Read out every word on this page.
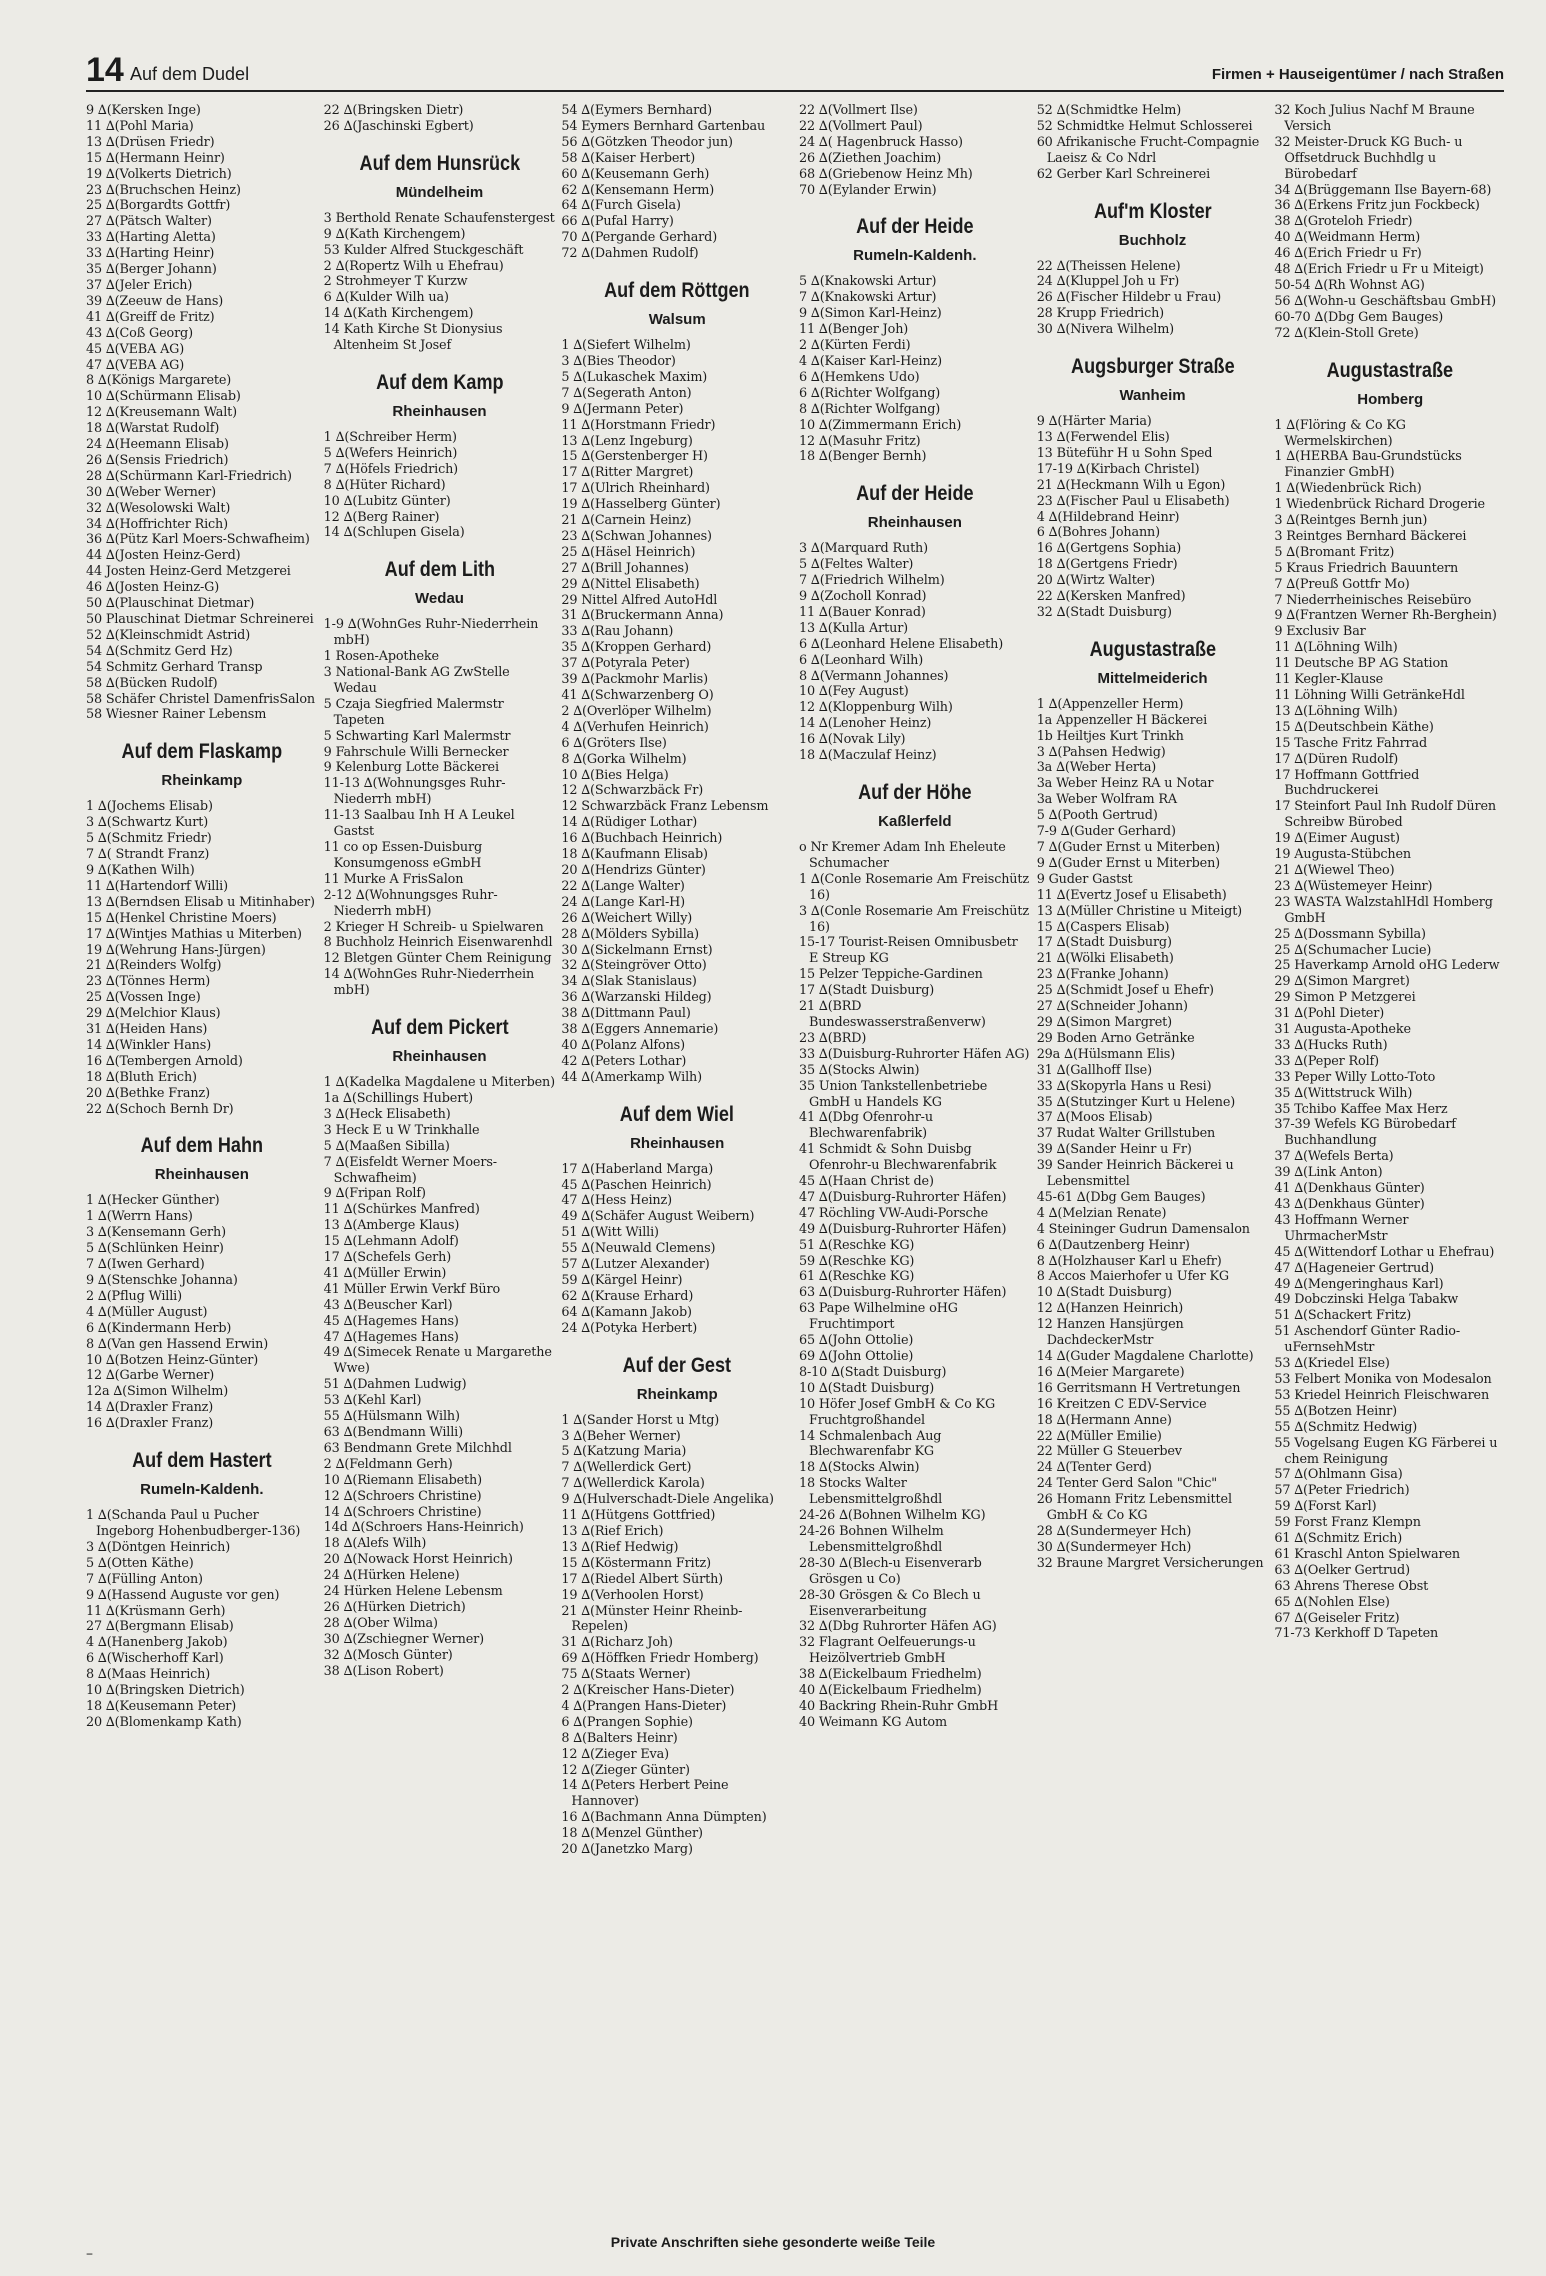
14 Auf dem Dudel	Firmen + Hauseigentümer / nach Straßen
9 ∆(Kersken Inge)
11 ∆(Pohl Maria)
13 ∆(Drüsen Friedr)
15 ∆(Hermann Heinr)
19 ∆(Volkerts Dietrich)
23 ∆(Bruchschen Heinz)
25 ∆(Borgardts Gottfr)
27 ∆(Pätsch Walter)
33 ∆(Harting Aletta)
33 ∆(Harting Heinr)
35 ∆(Berger Johann)
37 ∆(Jeler Erich)
39 ∆(Zeeuw de Hans)
41 ∆(Greiff de Fritz)
43 ∆(Coß Georg)
45 ∆(VEBA AG)
47 ∆(VEBA AG)
8 ∆(Königs Margarete)
10 ∆(Schürmann Elisab)
12 ∆(Kreusemann Walt)
18 ∆(Warstat Rudolf)
24 ∆(Heemann Elisab)
26 ∆(Sensis Friedrich)
28 ∆(Schürmann Karl-Friedrich)
30 ∆(Weber Werner)
32 ∆(Wesolowski Walt)
34 ∆(Hoffrichter Rich)
36 ∆(Pütz Karl Moers-Schwafheim)
44 ∆(Josten Heinz-Gerd)
44 Josten Heinz-Gerd Metzgerei
46 ∆(Josten Heinz-G)
50 ∆(Plauschinat Dietmar)
50 Plauschinat Dietmar Schreinerei
52 ∆(Kleinschmidt Astrid)
54 ∆(Schmitz Gerd Hz)
54 Schmitz Gerhard Transp
58 ∆(Bücken Rudolf)
58 Schäfer Christel DamenfrisSalon
58 Wiesner Rainer Lebensm
Auf dem Flaskamp
Rheinkamp
1 ∆(Jochems Elisab)
3 ∆(Schwartz Kurt)
5 ∆(Schmitz Friedr)
7 ∆( Strandt Franz)
9 ∆(Kathen Wilh)
11 ∆(Hartendorf Willi)
13 ∆(Berndsen Elisab u Mitinhaber)
15 ∆(Henkel Christine Moers)
17 ∆(Wintjes Mathias u Miterben)
19 ∆(Wehrung Hans-Jürgen)
21 ∆(Reinders Wolfg)
23 ∆(Tönnes Herm)
25 ∆(Vossen Inge)
29 ∆(Melchior Klaus)
31 ∆(Heiden Hans)
14 ∆(Winkler Hans)
16 ∆(Tembergen Arnold)
18 ∆(Bluth Erich)
20 ∆(Bethke Franz)
22 ∆(Schoch Bernh Dr)
Auf dem Hahn
Rheinhausen
1 ∆(Hecker Günther)
1 ∆(Werrn Hans)
3 ∆(Kensemann Gerh)
5 ∆(Schlünken Heinr)
7 ∆(Iwen Gerhard)
9 ∆(Stenschke Johanna)
2 ∆(Pflug Willi)
4 ∆(Müller August)
6 ∆(Kindermann Herb)
8 ∆(Van gen Hassend Erwin)
10 ∆(Botzen Heinz-Günter)
12 ∆(Garbe Werner)
12a ∆(Simon Wilhelm)
14 ∆(Draxler Franz)
16 ∆(Draxler Franz)
Auf dem Hastert
Rumeln-Kaldenh.
1 ∆(Schanda Paul u Pucher Ingeborg Hohenbudberger-136)
3 ∆(Döntgen Heinrich)
5 ∆(Otten Käthe)
7 ∆(Fülling Anton)
9 ∆(Hassend Auguste vor gen)
11 ∆(Krüsmann Gerh)
27 ∆(Bergmann Elisab)
4 ∆(Hanenberg Jakob)
6 ∆(Wischerhoff Karl)
8 ∆(Maas Heinrich)
10 ∆(Bringsken Dietrich)
18 ∆(Keusemann Peter)
20 ∆(Blomenkamp Kath)
22 ∆(Bringsken Dietr)
26 ∆(Jaschinski Egbert)
Auf dem Hunsrück
Mündelheim
3 Berthold Renate Schaufenstergest
9 ∆(Kath Kirchengem)
53 Kulder Alfred Stuckgeschäft
2 ∆(Ropertz Wilh u Ehefrau)
2 Strohmeyer T Kurzw
6 ∆(Kulder Wilh ua)
14 ∆(Kath Kirchengem)
14 Kath Kirche St Dionysius Altenheim St Josef
Auf dem Kamp
Rheinhausen
1 ∆(Schreiber Herm)
5 ∆(Wefers Heinrich)
7 ∆(Höfels Friedrich)
8 ∆(Hüter Richard)
10 ∆(Lubitz Günter)
12 ∆(Berg Rainer)
14 ∆(Schlupen Gisela)
Auf dem Lith
Wedau
1-9 ∆(WohnGes Ruhr-Niederrhein mbH)
1 Rosen-Apotheke
3 National-Bank AG ZwStelle Wedau
5 Czaja Siegfried Malermstr Tapeten
5 Schwarting Karl Malermstr
9 Fahrschule Willi Bernecker
9 Kelenburg Lotte Bäckerei
11-13 ∆(Wohnungsges Ruhr-Niederrh mbH)
11-13 Saalbau Inh H A Leukel Gastst
11 co op Essen-Duisburg Konsumgenoss eGmbH
11 Murke A FrisSalon
2-12 ∆(Wohnungsges Ruhr-Niederrh mbH)
2 Krieger H Schreib- u Spielwaren
8 Buchholz Heinrich Eisenwarenhdl
12 Bletgen Günter Chem Reinigung
14 ∆(WohnGes Ruhr-Niederrhein mbH)
Auf dem Pickert
Rheinhausen
1 ∆(Kadelka Magdalene u Miterben)
1a ∆(Schillings Hubert)
3 ∆(Heck Elisabeth)
3 Heck E u W Trinkhalle
5 ∆(Maaßen Sibilla)
7 ∆(Eisfeldt Werner Moers-Schwafheim)
9 ∆(Fripan Rolf)
11 ∆(Schürkes Manfred)
13 ∆(Amberge Klaus)
15 ∆(Lehmann Adolf)
17 ∆(Schefels Gerh)
41 ∆(Müller Erwin)
41 Müller Erwin Verkf Büro
43 ∆(Beuscher Karl)
45 ∆(Hagemes Hans)
47 ∆(Hagemes Hans)
49 ∆(Simecek Renate u Margarethe Wwe)
51 ∆(Dahmen Ludwig)
53 ∆(Kehl Karl)
55 ∆(Hülsmann Wilh)
63 ∆(Bendmann Willi)
63 Bendmann Grete Milchhdl
2 ∆(Feldmann Gerh)
10 ∆(Riemann Elisabeth)
12 ∆(Schroers Christine)
14 ∆(Schroers Christine)
14d ∆(Schroers Hans-Heinrich)
18 ∆(Alefs Wilh)
20 ∆(Nowack Horst Heinrich)
24 ∆(Hürken Helene)
24 Hürken Helene Lebensm
26 ∆(Hürken Dietrich)
28 ∆(Ober Wilma)
30 ∆(Zschiegner Werner)
32 ∆(Mosch Günter)
38 ∆(Lison Robert)
54 ∆(Eymers Bernhard)
54 Eymers Bernhard Gartenbau
56 ∆(Götzken Theodor jun)
58 ∆(Kaiser Herbert)
60 ∆(Keusemann Gerh)
62 ∆(Kensemann Herm)
64 ∆(Furch Gisela)
66 ∆(Pufal Harry)
70 ∆(Pergande Gerhard)
72 ∆(Dahmen Rudolf)
Auf dem Röttgen
Walsum
1 ∆(Siefert Wilhelm)
3 ∆(Bies Theodor)
5 ∆(Lukaschek Maxim)
7 ∆(Segerath Anton)
9 ∆(Jermann Peter)
11 ∆(Horstmann Friedr)
13 ∆(Lenz Ingeburg)
15 ∆(Gerstenberger H)
17 ∆(Ritter Margret)
17 ∆(Ulrich Rheinhard)
19 ∆(Hasselberg Günter)
21 ∆(Carnein Heinz)
23 ∆(Schwan Johannes)
25 ∆(Häsel Heinrich)
27 ∆(Brill Johannes)
29 ∆(Nittel Elisabeth)
29 Nittel Alfred AutoHdl
31 ∆(Bruckermann Anna)
33 ∆(Rau Johann)
35 ∆(Kroppen Gerhard)
37 ∆(Potyrala Peter)
39 ∆(Packmohr Marlis)
41 ∆(Schwarzenberg O)
2 ∆(Overlöper Wilhelm)
4 ∆(Verhufen Heinrich)
6 ∆(Gröters Ilse)
8 ∆(Gorka Wilhelm)
10 ∆(Bies Helga)
12 ∆(Schwarzbäck Fr)
12 Schwarzbäck Franz Lebensm
14 ∆(Rüdiger Lothar)
16 ∆(Buchbach Heinrich)
18 ∆(Kaufmann Elisab)
20 ∆(Hendrizs Günter)
22 ∆(Lange Walter)
24 ∆(Lange Karl-H)
26 ∆(Weichert Willy)
28 ∆(Mölders Sybilla)
30 ∆(Sickelmann Ernst)
32 ∆(Steingröver Otto)
34 ∆(Slak Stanislaus)
36 ∆(Warzanski Hildeg)
38 ∆(Dittmann Paul)
38 ∆(Eggers Annemarie)
40 ∆(Polanz Alfons)
42 ∆(Peters Lothar)
44 ∆(Amerkamp Wilh)
Auf dem Wiel
Rheinhausen
17 ∆(Haberland Marga)
45 ∆(Paschen Heinrich)
47 ∆(Hess Heinz)
49 ∆(Schäfer August Weibern)
51 ∆(Witt Willi)
55 ∆(Neuwald Clemens)
57 ∆(Lutzer Alexander)
59 ∆(Kärgel Heinr)
62 ∆(Krause Erhard)
64 ∆(Kamann Jakob)
24 ∆(Potyka Herbert)
Auf der Gest
Rheinkamp
1 ∆(Sander Horst u Mtg)
3 ∆(Beher Werner)
5 ∆(Katzung Maria)
7 ∆(Wellerdick Gert)
7 ∆(Wellerdick Karola)
9 ∆(Hulverschadt-Diele Angelika)
11 ∆(Hütgens Gottfried)
13 ∆(Rief Erich)
13 ∆(Rief Hedwig)
15 ∆(Köstermann Fritz)
17 ∆(Riedel Albert Sürth)
19 ∆(Verhoolen Horst)
21 ∆(Münster Heinr Rheinb-Repelen)
31 ∆(Richarz Joh)
69 ∆(Höffken Friedr Homberg)
75 ∆(Staats Werner)
2 ∆(Kreischer Hans-Dieter)
4 ∆(Prangen Hans-Dieter)
6 ∆(Prangen Sophie)
8 ∆(Balters Heinr)
12 ∆(Zieger Eva)
12 ∆(Zieger Günter)
14 ∆(Peters Herbert Peine Hannover)
16 ∆(Bachmann Anna Dümpten)
18 ∆(Menzel Günther)
20 ∆(Janetzko Marg)
22 ∆(Vollmert Ilse)
22 ∆(Vollmert Paul)
24 ∆( Hagenbruck Hasso)
26 ∆(Ziethen Joachim)
68 ∆(Griebenow Heinz Mh)
70 ∆(Eylander Erwin)
Auf der Heide
Rumeln-Kaldenh.
5 ∆(Knakowski Artur)
7 ∆(Knakowski Artur)
9 ∆(Simon Karl-Heinz)
11 ∆(Benger Joh)
2 ∆(Kürten Ferdi)
4 ∆(Kaiser Karl-Heinz)
6 ∆(Hemkens Udo)
6 ∆(Richter Wolfgang)
8 ∆(Richter Wolfgang)
10 ∆(Zimmermann Erich)
12 ∆(Masuhr Fritz)
18 ∆(Benger Bernh)
Auf der Heide
Rheinhausen
3 ∆(Marquard Ruth)
5 ∆(Feltes Walter)
7 ∆(Friedrich Wilhelm)
9 ∆(Zocholl Konrad)
11 ∆(Bauer Konrad)
13 ∆(Kulla Artur)
6 ∆(Leonhard Helene Elisabeth)
6 ∆(Leonhard Wilh)
8 ∆(Vermann Johannes)
10 ∆(Fey August)
12 ∆(Kloppenburg Wilh)
14 ∆(Lenoher Heinz)
16 ∆(Novak Lily)
18 ∆(Maczulaf Heinz)
Auf der Höhe
Kaßlerfeld
o Nr Kremer Adam Inh Eheleute Schumacher
1 ∆(Conle Rosemarie Am Freischütz 16)
3 ∆(Conle Rosemarie Am Freischütz 16)
15-17 Tourist-Reisen Omnibusbetr E Streup KG
15 Pelzer Teppiche-Gardinen
17 ∆(Stadt Duisburg)
21 ∆(BRD Bundeswasserstraßenverw)
23 ∆(BRD)
33 ∆(Duisburg-Ruhrorter Häfen AG)
35 ∆(Stocks Alwin)
35 Union Tankstellenbetriebe GmbH u Handels KG
41 ∆(Dbg Ofenrohr-u Blechwarenfabrik)
41 Schmidt & Sohn Duisbg Ofenrohr-u Blechwarenfabrik
45 ∆(Haan Christ de)
47 ∆(Duisburg-Ruhrorter Häfen)
47 Röchling VW-Audi-Porsche
49 ∆(Duisburg-Ruhrorter Häfen)
51 ∆(Reschke KG)
59 ∆(Reschke KG)
61 ∆(Reschke KG)
63 ∆(Duisburg-Ruhrorter Häfen)
63 Pape Wilhelmine oHG Fruchtimport
65 ∆(John Ottolie)
69 ∆(John Ottolie)
8-10 ∆(Stadt Duisburg)
10 ∆(Stadt Duisburg)
10 Höfer Josef GmbH & Co KG Fruchtgroßhandel
14 Schmalenbach Aug Blechwarenfabr KG
18 ∆(Stocks Alwin)
18 Stocks Walter Lebensmittelgroßhdl
24-26 ∆(Bohnen Wilhelm KG)
24-26 Bohnen Wilhelm Lebensmittelgroßhdl
28-30 ∆(Blech-u Eisenverarb Grösgen u Co)
28-30 Grösgen & Co Blech u Eisenverarbeitung
32 ∆(Dbg Ruhrorter Häfen AG)
32 Flagrant Oelfeuerungs-u Heizölvertrieb GmbH
38 ∆(Eickelbaum Friedhelm)
40 ∆(Eickelbaum Friedhelm)
40 Backring Rhein-Ruhr GmbH
40 Weimann KG Autom
52 ∆(Schmidtke Helm)
52 Schmidtke Helmut Schlosserei
60 Afrikanische Frucht-Compagnie Laeisz & Co Ndrl
62 Gerber Karl Schreinerei
Auf'm Kloster
Buchholz
22 ∆(Theissen Helene)
24 ∆(Kluppel Joh u Fr)
26 ∆(Fischer Hildebr u Frau)
28 Krupp Friedrich)
30 ∆(Nivera Wilhelm)
Augsburger Straße
Wanheim
9 ∆(Härter Maria)
13 ∆(Ferwendel Elis)
13 Büteführ H u Sohn Sped
17-19 ∆(Kirbach Christel)
21 ∆(Heckmann Wilh u Egon)
23 ∆(Fischer Paul u Elisabeth)
4 ∆(Hildebrand Heinr)
6 ∆(Bohres Johann)
16 ∆(Gertgens Sophia)
18 ∆(Gertgens Friedr)
20 ∆(Wirtz Walter)
22 ∆(Kersken Manfred)
32 ∆(Stadt Duisburg)
Augustastraße
Mittelmeiderich
1 ∆(Appenzeller Herm)
1a Appenzeller H Bäckerei
1b Heiltjes Kurt Trinkh
3 ∆(Pahsen Hedwig)
3a ∆(Weber Herta)
3a Weber Heinz RA u Notar
3a Weber Wolfram RA
5 ∆(Pooth Gertrud)
7-9 ∆(Guder Gerhard)
7 ∆(Guder Ernst u Miterben)
9 ∆(Guder Ernst u Miterben)
9 Guder Gastst
11 ∆(Evertz Josef u Elisabeth)
13 ∆(Müller Christine u Miteigt)
15 ∆(Caspers Elisab)
17 ∆(Stadt Duisburg)
21 ∆(Wölki Elisabeth)
23 ∆(Franke Johann)
25 ∆(Schmidt Josef u Ehefr)
27 ∆(Schneider Johann)
29 ∆(Simon Margret)
29 Boden Arno Getränke
29a ∆(Hülsmann Elis)
31 ∆(Gallhoff Ilse)
33 ∆(Skopyrla Hans u Resi)
35 ∆(Stutzinger Kurt u Helene)
37 ∆(Moos Elisab)
37 Rudat Walter Grillstuben
39 ∆(Sander Heinr u Fr)
39 Sander Heinrich Bäckerei u Lebensmittel
45-61 ∆(Dbg Gem Bauges)
4 ∆(Melzian Renate)
4 Steininger Gudrun Damensalon
6 ∆(Dautzenberg Heinr)
8 ∆(Holzhauser Karl u Ehefr)
8 Accos Maierhofer u Ufer KG
10 ∆(Stadt Duisburg)
12 ∆(Hanzen Heinrich)
12 Hanzen Hansjürgen DachdeckerMstr
14 ∆(Guder Magdalene Charlotte)
16 ∆(Meier Margarete)
16 Gerritsmann H Vertretungen
16 Kreitzen C EDV-Service
18 ∆(Hermann Anne)
22 ∆(Müller Emilie)
22 Müller G Steuerbev
24 ∆(Tenter Gerd)
24 Tenter Gerd Salon "Chic"
26 Homann Fritz Lebensmittel GmbH & Co KG
28 ∆(Sundermeyer Hch)
30 ∆(Sundermeyer Hch)
32 Braune Margret Versicherungen
32 Koch Julius Nachf M Braune Versich
32 Meister-Druck KG Buch- u Offsetdruck Buchhdlg u Bürobedarf
34 ∆(Brüggemann Ilse Bayern-68)
36 ∆(Erkens Fritz jun Fockbeck)
38 ∆(Groteloh Friedr)
40 ∆(Weidmann Herm)
46 ∆(Erich Friedr u Fr)
48 ∆(Erich Friedr u Fr u Miteigt)
50-54 ∆(Rh Wohnst AG)
56 ∆(Wohn-u Geschäftsbau GmbH)
60-70 ∆(Dbg Gem Bauges)
72 ∆(Klein-Stoll Grete)
Augustastraße
Homberg
1 ∆(Flöring & Co KG Wermelskirchen)
1 ∆(HERBA Bau-Grundstücks Finanzier GmbH)
1 ∆(Wiedenbrück Rich)
1 Wiedenbrück Richard Drogerie
3 ∆(Reintges Bernh jun)
3 Reintges Bernhard Bäckerei
5 ∆(Bromant Fritz)
5 Kraus Friedrich Bauuntern
7 ∆(Preuß Gottfr Mo)
7 Niederrheinisches Reisebüro
9 ∆(Frantzen Werner Rh-Berghein)
9 Exclusiv Bar
11 ∆(Löhning Wilh)
11 Deutsche BP AG Station
11 Kegler-Klause
11 Löhning Willi GetränkeHdl
13 ∆(Löhning Wilh)
15 ∆(Deutschbein Käthe)
15 Tasche Fritz Fahrrad
17 ∆(Düren Rudolf)
17 Hoffmann Gottfried Buchdruckerei
17 Steinfort Paul Inh Rudolf Düren Schreibw Bürobed
19 ∆(Eimer August)
19 Augusta-Stübchen
21 ∆(Wiewel Theo)
23 ∆(Wüstemeyer Heinr)
23 WASTA WalzstahlHdl Homberg GmbH
25 ∆(Dossmann Sybilla)
25 ∆(Schumacher Lucie)
25 Haverkamp Arnold oHG Lederw
29 ∆(Simon Margret)
29 Simon P Metzgerei
31 ∆(Pohl Dieter)
31 Augusta-Apotheke
33 ∆(Hucks Ruth)
33 ∆(Peper Rolf)
33 Peper Willy Lotto-Toto
35 ∆(Wittstruck Wilh)
35 Tchibo Kaffee Max Herz
37-39 Wefels KG Bürobedarf Buchhandlung
37 ∆(Wefels Berta)
39 ∆(Link Anton)
41 ∆(Denkhaus Günter)
43 ∆(Denkhaus Günter)
43 Hoffmann Werner UhrmacherMstr
45 ∆(Wittendorf Lothar u Ehefrau)
47 ∆(Hageneier Gertrud)
49 ∆(Mengeringhaus Karl)
49 Dobczinski Helga Tabakw
51 ∆(Schackert Fritz)
51 Aschendorf Günter Radio-uFernsehMstr
53 ∆(Kriedel Else)
53 Felbert Monika von Modesalon
53 Kriedel Heinrich Fleischwaren
55 ∆(Botzen Heinr)
55 ∆(Schmitz Hedwig)
55 Vogelsang Eugen KG Färberei u chem Reinigung
57 ∆(Ohlmann Gisa)
57 ∆(Peter Friedrich)
59 ∆(Forst Karl)
59 Forst Franz Klempn
61 ∆(Schmitz Erich)
61 Kraschl Anton Spielwaren
63 ∆(Oelker Gertrud)
63 Ahrens Therese Obst
65 ∆(Nohlen Else)
67 ∆(Geiseler Fritz)
71-73 Kerkhoff D Tapeten
Private Anschriften siehe gesonderte weiße Teile
–
